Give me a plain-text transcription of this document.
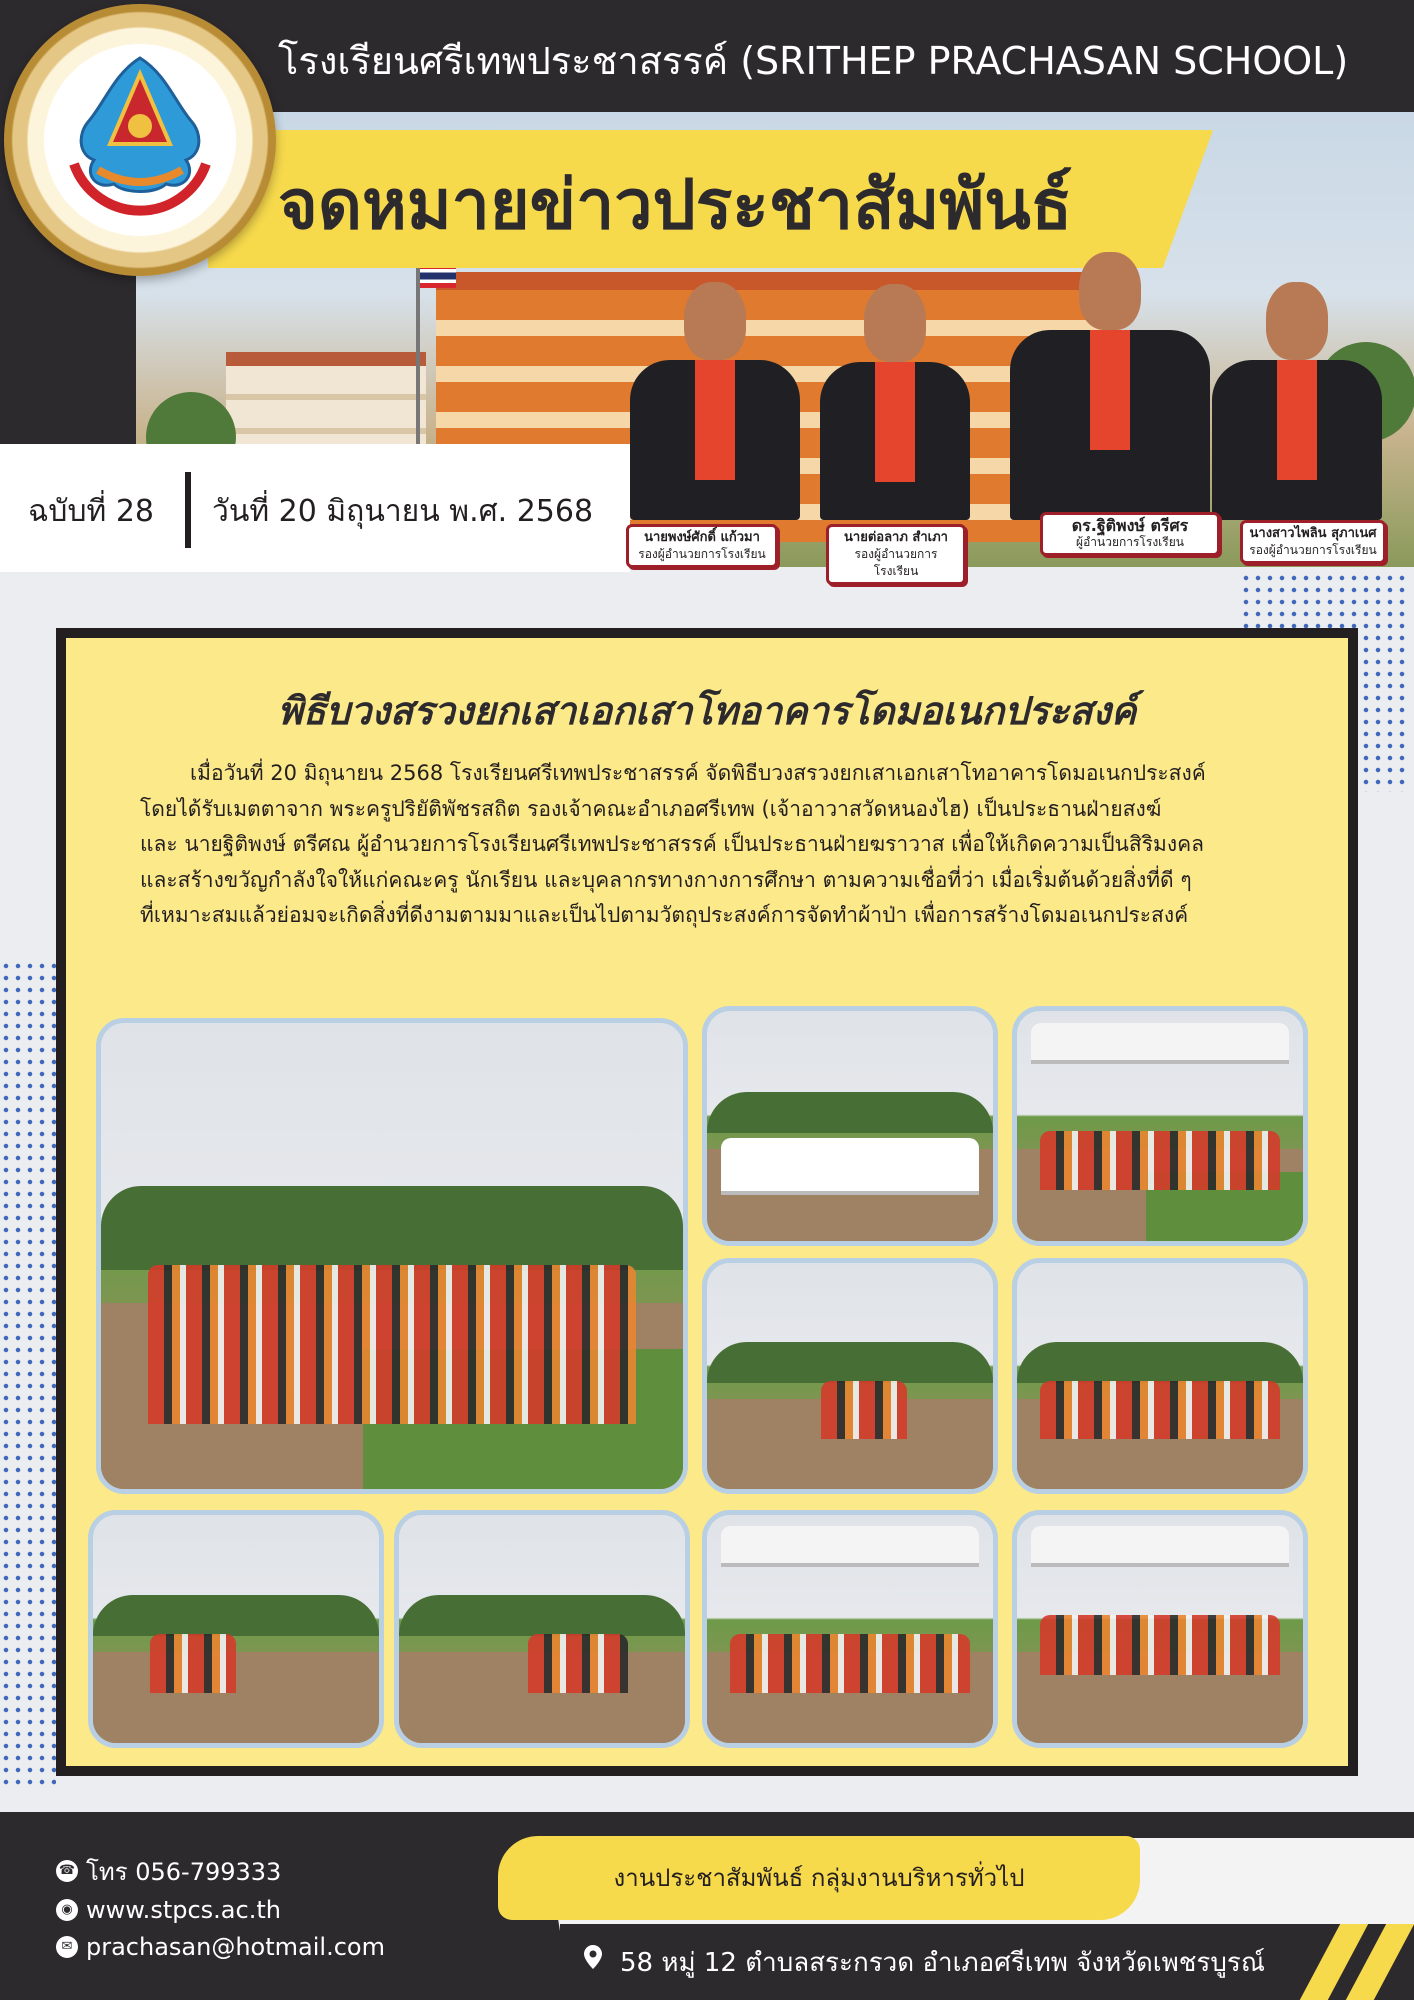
จดหมายข่าวประชาสัมพันธ์
โรงเรียนศรีเทพประชาสรรค์ (SRITHEP PRACHASAN SCHOOL)
ฉบับที่ 28 วันที่ 20 มิถุนายน พ.ศ. 2568
นายพงษ์ศักดิ์ แก้วมา
รองผู้อำนวยการโรงเรียน
นายต่อลาภ สำเภา
รองผู้อำนวยการโรงเรียน
ดร.ฐิติพงษ์ ตรีศร
ผู้อำนวยการโรงเรียน
นางสาวไพลิน สุภาเนศ
รองผู้อำนวยการโรงเรียน
พิธีบวงสรวงยกเสาเอกเสาโทอาคารโดมอเนกประสงค์
เมื่อวันที่ 20 มิถุนายน 2568 โรงเรียนศรีเทพประชาสรรค์ จัดพิธีบวงสรวงยกเสาเอกเสาโทอาคารโดมอเนกประสงค์
โดยได้รับเมตตาจาก พระครูปริยัติพัชรสถิต รองเจ้าคณะอำเภอศรีเทพ (เจ้าอาวาสวัดหนองไฮ) เป็นประธานฝ่ายสงฆ์
และ นายฐิติพงษ์ ตรีศณ ผู้อำนวยการโรงเรียนศรีเทพประชาสรรค์ เป็นประธานฝ่ายฆราวาส เพื่อให้เกิดความเป็นสิริมงคล
และสร้างขวัญกำลังใจให้แก่คณะครู นักเรียน และบุคลากรทางกางการศึกษา ตามความเชื่อที่ว่า เมื่อเริ่มต้นด้วยสิ่งที่ดี ๆ
ที่เหมาะสมแล้วย่อมจะเกิดสิ่งที่ดีงามตามมาและเป็นไปตามวัตถุประสงค์การจัดทำผ้าป่า เพื่อการสร้างโดมอเนกประสงค์
งานประชาสัมพันธ์ กลุ่มงานบริหารทั่วไป
58 หมู่ 12 ตำบลสระกรวด อำเภอศรีเทพ จังหวัดเพชรบูรณ์
☎ โทร 056-799333
◉ www.stpcs.ac.th
✉ prachasan@hotmail.com
